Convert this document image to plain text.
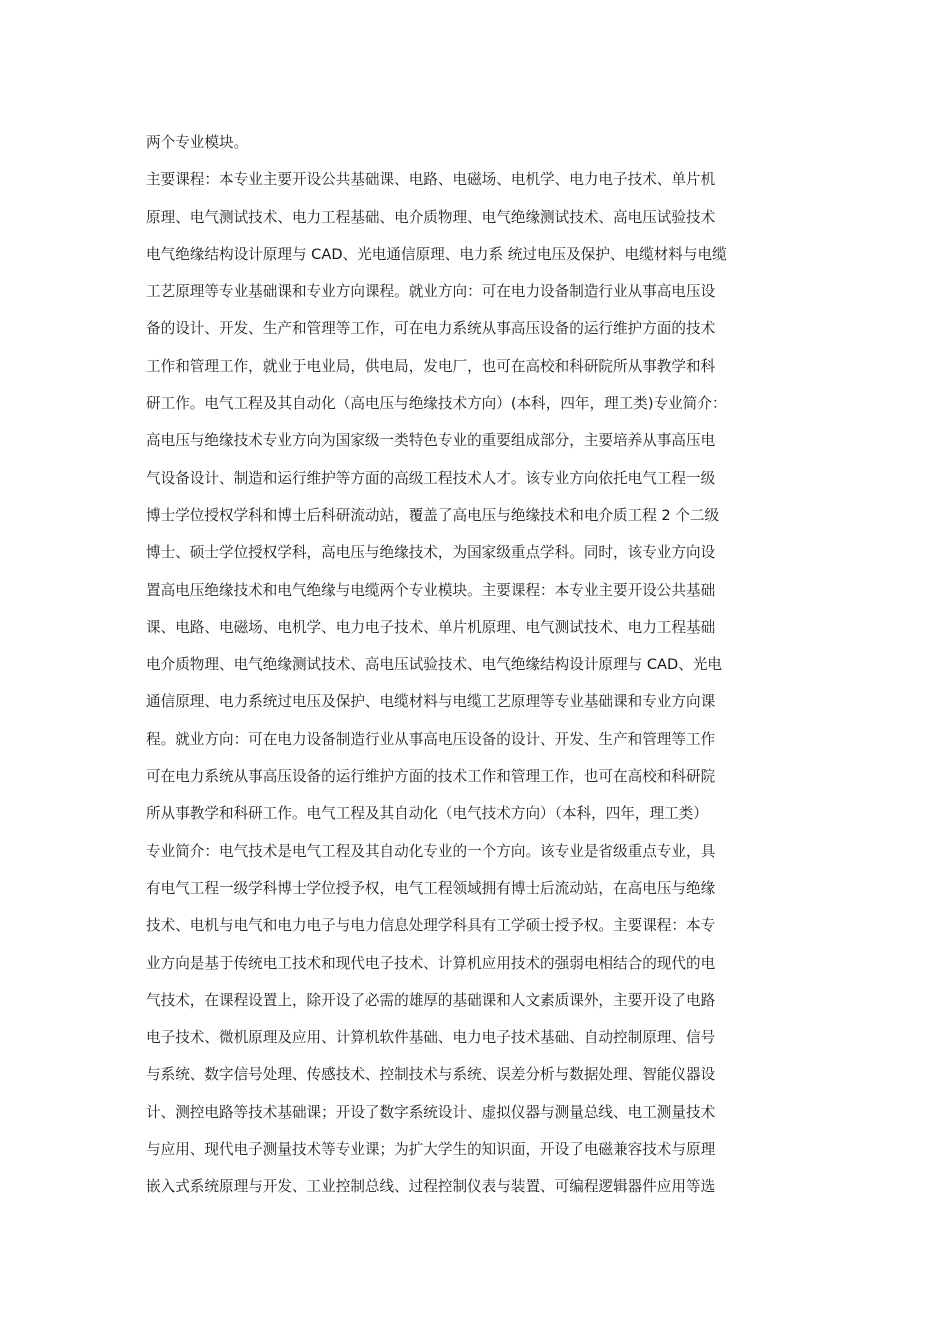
两个专业模块。
主要课程：本专业主要开设公共基础课、电路、电磁场、电机学、电力电子技术、单片机
原理、电气测试技术、电力工程基础、电介质物理、电气绝缘测试技术、高电压试验技术
电气绝缘结构设计原理与 CAD、光电通信原理、电力系 统过电压及保护、电缆材料与电缆
工艺原理等专业基础课和专业方向课程。就业方向：可在电力设备制造行业从事高电压设
备的设计、开发、生产和管理等工作，可在电力系统从事高压设备的运行维护方面的技术
工作和管理工作，就业于电业局，供电局，发电厂，也可在高校和科研院所从事教学和科
研工作。电气工程及其自动化（高电压与绝缘技术方向）(本科，四年，理工类)专业简介：
高电压与绝缘技术专业方向为国家级一类特色专业的重要组成部分，主要培养从事高压电
气设备设计、制造和运行维护等方面的高级工程技术人才。该专业方向依托电气工程一级
博士学位授权学科和博士后科研流动站，覆盖了高电压与绝缘技术和电介质工程 2 个二级
博士、硕士学位授权学科，高电压与绝缘技术，为国家级重点学科。同时，该专业方向设
置高电压绝缘技术和电气绝缘与电缆两个专业模块。主要课程：本专业主要开设公共基础
课、电路、电磁场、电机学、电力电子技术、单片机原理、电气测试技术、电力工程基础
电介质物理、电气绝缘测试技术、高电压试验技术、电气绝缘结构设计原理与 CAD、光电
通信原理、电力系统过电压及保护、电缆材料与电缆工艺原理等专业基础课和专业方向课
程。就业方向：可在电力设备制造行业从事高电压设备的设计、开发、生产和管理等工作
可在电力系统从事高压设备的运行维护方面的技术工作和管理工作，也可在高校和科研院
所从事教学和科研工作。电气工程及其自动化（电气技术方向）（本科，四年，理工类）
专业简介：电气技术是电气工程及其自动化专业的一个方向。该专业是省级重点专业，具
有电气工程一级学科博士学位授予权，电气工程领域拥有博士后流动站，在高电压与绝缘
技术、电机与电气和电力电子与电力信息处理学科具有工学硕士授予权。主要课程：本专
业方向是基于传统电工技术和现代电子技术、计算机应用技术的强弱电相结合的现代的电
气技术，在课程设置上，除开设了必需的雄厚的基础课和人文素质课外，主要开设了电路
电子技术、微机原理及应用、计算机软件基础、电力电子技术基础、自动控制原理、信号
与系统、数字信号处理、传感技术、控制技术与系统、误差分析与数据处理、智能仪器设
计、测控电路等技术基础课；开设了数字系统设计、虚拟仪器与测量总线、电工测量技术
与应用、现代电子测量技术等专业课；为扩大学生的知识面，开设了电磁兼容技术与原理
嵌入式系统原理与开发、工业控制总线、过程控制仪表与装置、可编程逻辑器件应用等选
